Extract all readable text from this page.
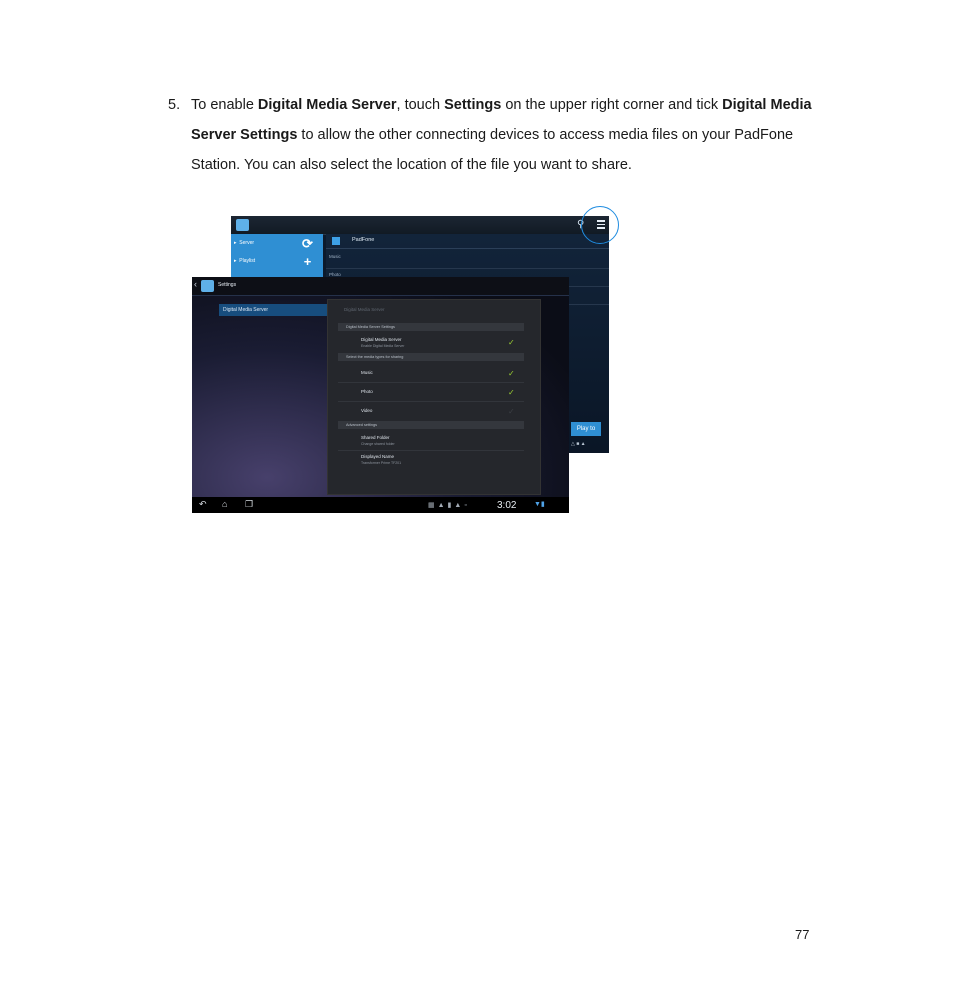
5. To enable Digital Media Server, touch Settings on the upper right corner and tick Digital Media Server Settings to allow the other connecting devices to access media files on your PadFone Station. You can also select the location of the file you want to share.
⚲
▸  Server
▸  Playlist
⟳
+
PadFone
Music
Photo
Play to
△ ■ ▲
‹	Settings
Digital Media Server	Digital Media Server
Digital Media Server Settings
Digital Media Server
Enable Digital Media Server	✓
Select the media types for sharing
Music	✓
Photo	✓
Video	✓
Advanced settings
Shared Folder
Change shared folder
Displayed Name
Transformer Prime TF201
↶ ⌂ ❐	▦▲▮▲▫	3:02	▼▮
77
